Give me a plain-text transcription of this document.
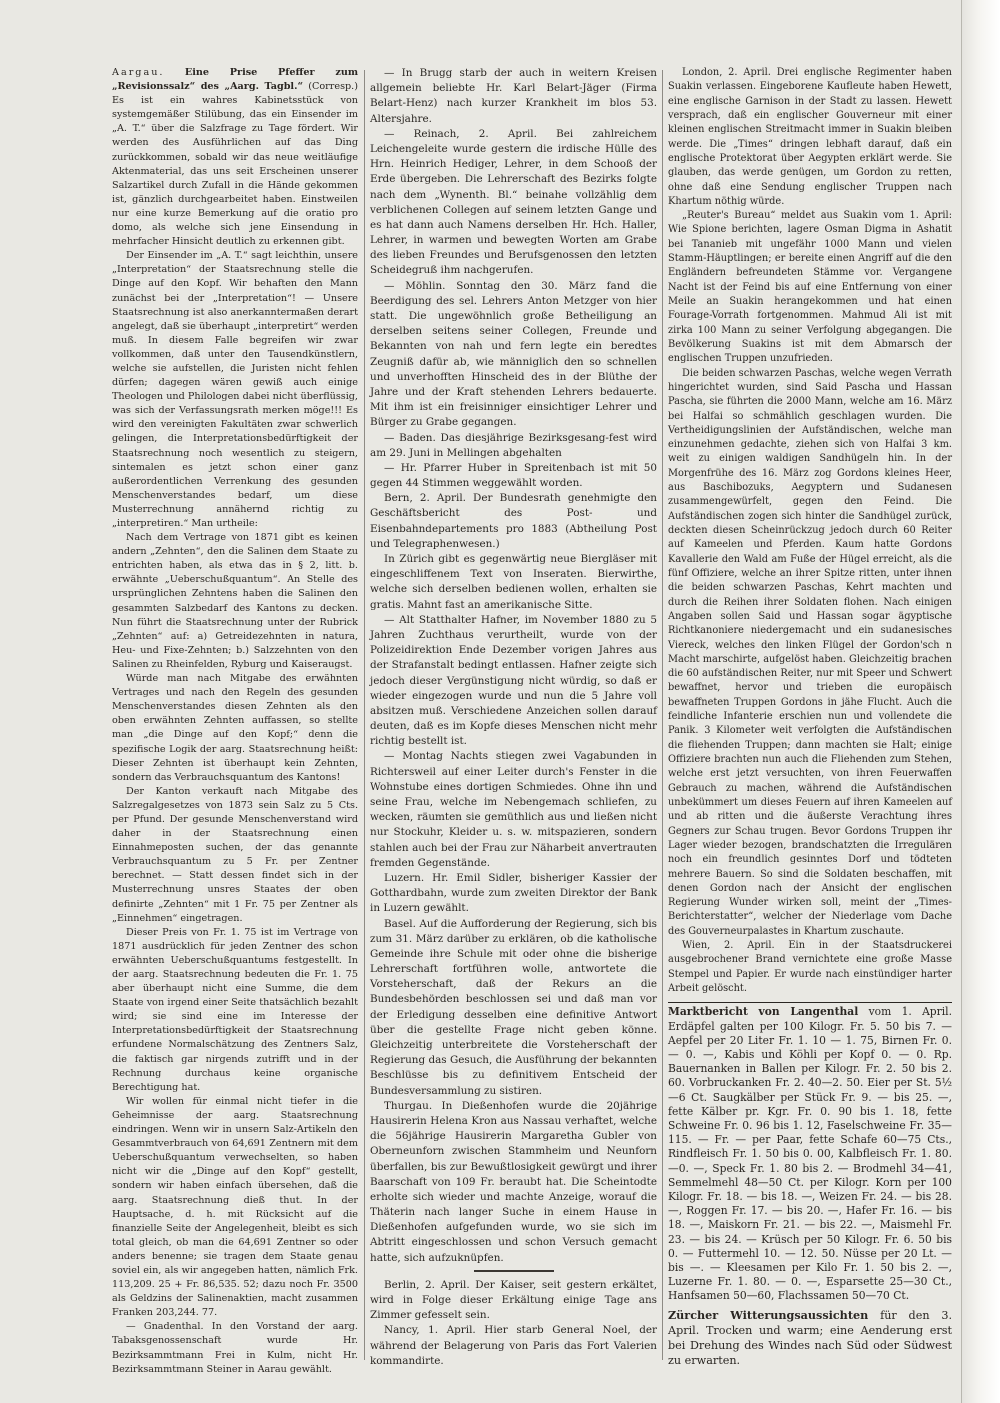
Aargau. Eine Prise Pfeffer zum „Revisionssalz“ des „Aarg. Tagbl.“ (Corresp.) Es ist ein wahres Kabinetsstück von systemgemäßer Stilübung, das ein Einsender im „A. T.“ über die Salzfrage zu Tage fördert. Wir werden des Ausführlichen auf das Ding zurückkommen, sobald wir das neue weitläufige Aktenmaterial, das uns seit Erscheinen unserer Salzartikel durch Zufall in die Hände gekommen ist, gänzlich durchgearbeitet haben. Einstweilen nur eine kurze Bemerkung auf die oratio pro domo, als welche sich jene Einsendung in mehrfacher Hinsicht deutlich zu erkennen gibt.

Der Einsender im „A. T.“ sagt leichthin, unsere „Interpretation“ der Staatsrechnung stelle die Dinge auf den Kopf. Wir behaften den Mann zunächst bei der „Interpretation“! — Unsere Staatsrechnung ist also anerkanntermaßen derart angelegt, daß sie überhaupt „interpretirt“ werden muß. In diesem Falle begreifen wir zwar vollkommen, daß unter den Tausendkünstlern, welche sie aufstellen, die Juristen nicht fehlen dürfen; dagegen wären gewiß auch einige Theologen und Philologen dabei nicht überflüssig, was sich der Verfassungsrath merken möge!!! Es wird den vereinigten Fakultäten zwar schwerlich gelingen, die Interpretationsbedürftigkeit der Staatsrechnung noch wesentlich zu steigern, sintemalen es jetzt schon einer ganz außerordentlichen Verrenkung des gesunden Menschenverstandes bedarf, um diese Musterrechnung annähernd richtig zu „interpretiren.“ Man urtheile:

Nach dem Vertrage von 1871 gibt es keinen andern „Zehnten“, den die Salinen dem Staate zu entrichten haben, als etwa das in § 2, litt. b. erwähnte „Ueberschußquantum“. An Stelle des ursprünglichen Zehntens haben die Salinen den gesammten Salzbedarf des Kantons zu decken. Nun führt die Staatsrechnung unter der Rubrick „Zehnten“ auf: a) Getreidezehnten in natura, Heu- und Fixe-Zehnten; b.) Salzzehnten von den Salinen zu Rheinfelden, Ryburg und Kaiseraugst.

Würde man nach Mitgabe des erwähnten Vertrages und nach den Regeln des gesunden Menschenverstandes diesen Zehnten als den oben erwähnten Zehnten auffassen, so stellte man „die Dinge auf den Kopf;“ denn die spezifische Logik der aarg. Staatsrechnung heißt: Dieser Zehnten ist überhaupt kein Zehnten, sondern das Verbrauchsquantum des Kantons!

Der Kanton verkauft nach Mitgabe des Salzregalgesetzes von 1873 sein Salz zu 5 Cts. per Pfund. Der gesunde Menschenverstand wird daher in der Staatsrechnung einen Einnahmeposten suchen, der das genannte Verbrauchsquantum zu 5 Fr. per Zentner berechnet. — Statt dessen findet sich in der Musterrechnung unsres Staates der oben definirte „Zehnten“ mit 1 Fr. 75 per Zentner als „Einnehmen“ eingetragen.

Dieser Preis von Fr. 1. 75 ist im Vertrage von 1871 ausdrücklich für jeden Zentner des schon erwähnten Ueberschußquantums festgestellt. In der aarg. Staatsrechnung bedeuten die Fr. 1. 75 aber überhaupt nicht eine Summe, die dem Staate von irgend einer Seite thatsächlich bezahlt wird; sie sind eine im Interesse der Interpretationsbedürftigkeit der Staatsrechnung erfundene Normalschätzung des Zentners Salz, die faktisch gar nirgends zutrifft und in der Rechnung durchaus keine organische Berechtigung hat.

Wir wollen für einmal nicht tiefer in die Geheimnisse der aarg. Staatsrechnung eindringen. Wenn wir in unsern Salz-Artikeln den Gesammtverbrauch von 64,691 Zentnern mit dem Ueberschußquantum verwechselten, so haben nicht wir die „Dinge auf den Kopf“ gestellt, sondern wir haben einfach übersehen, daß die aarg. Staatsrechnung dieß thut. In der Hauptsache, d. h. mit Rücksicht auf die finanzielle Seite der Angelegenheit, bleibt es sich total gleich, ob man die 64,691 Zentner so oder anders benenne; sie tragen dem Staate genau soviel ein, als wir angegeben hatten, nämlich Frk. 113,209. 25 + Fr. 86,535. 52; dazu noch Fr. 3500 als Geldzins der Salinenaktien, macht zusammen Franken 203,244. 77.

— Gnadenthal. In den Vorstand der aarg. Tabaksgenossenschaft wurde Hr. Bezirksammtmann Frei in Kulm, nicht Hr. Bezirksammtmann Steiner in Aarau gewählt.

— In Brugg starb der auch in weitern Kreisen allgemein beliebte Hr. Karl Belart-Jäger (Firma Belart-Henz) nach kurzer Krankheit im blos 53. Altersjahre.

— Reinach, 2. April. Bei zahlreichem Leichengeleite wurde gestern die irdische Hülle des Hrn. Heinrich Hediger, Lehrer, in dem Schooß der Erde übergeben. Die Lehrerschaft des Bezirks folgte nach dem „Wynenth. Bl.“ beinahe vollzählig dem verblichenen Collegen auf seinem letzten Gange und es hat dann auch Namens derselben Hr. Hch. Haller, Lehrer, in warmen und bewegten Worten am Grabe des lieben Freundes und Berufsgenossen den letzten Scheidegruß ihm nachgerufen.

— Möhlin. Sonntag den 30. März fand die Beerdigung des sel. Lehrers Anton Metzger von hier statt. Die ungewöhnlich große Betheiligung an derselben seitens seiner Collegen, Freunde und Bekannten von nah und fern legte ein beredtes Zeugniß dafür ab, wie männiglich den so schnellen und unverhofften Hinscheid des in der Blüthe der Jahre und der Kraft stehenden Lehrers bedauerte. Mit ihm ist ein freisinniger einsichtiger Lehrer und Bürger zu Grabe gegangen.

— Baden. Das diesjährige Bezirksgesang-fest wird am 29. Juni in Mellingen abgehalten

— Hr. Pfarrer Huber in Spreitenbach ist mit 50 gegen 44 Stimmen weggewählt worden.

Bern, 2. April. Der Bundesrath genehmigte den Geschäftsbericht des Post- und Eisenbahndepartements pro 1883 (Abtheilung Post und Telegraphenwesen.)

In Zürich gibt es gegenwärtig neue Biergläser mit eingeschliffenem Text von Inseraten. Bierwirthe, welche sich derselben bedienen wollen, erhalten sie gratis. Mahnt fast an amerikanische Sitte.

— Alt Statthalter Hafner, im November 1880 zu 5 Jahren Zuchthaus verurtheilt, wurde von der Polizeidirektion Ende Dezember vorigen Jahres aus der Strafanstalt bedingt entlassen. Hafner zeigte sich jedoch dieser Vergünstigung nicht würdig, so daß er wieder eingezogen wurde und nun die 5 Jahre voll absitzen muß. Verschiedene Anzeichen sollen darauf deuten, daß es im Kopfe dieses Menschen nicht mehr richtig bestellt ist.

— Montag Nachts stiegen zwei Vagabunden in Richtersweil auf einer Leiter durch's Fenster in die Wohnstube eines dortigen Schmiedes. Ohne ihn und seine Frau, welche im Nebengemach schliefen, zu wecken, räumten sie gemüthlich aus und ließen nicht nur Stockuhr, Kleider u. s. w. mitspazieren, sondern stahlen auch bei der Frau zur Näharbeit anvertrauten fremden Gegenstände.

Luzern. Hr. Emil Sidler, bisheriger Kassier der Gotthardbahn, wurde zum zweiten Direktor der Bank in Luzern gewählt.

Basel. Auf die Aufforderung der Regierung, sich bis zum 31. März darüber zu erklären, ob die katholische Gemeinde ihre Schule mit oder ohne die bisherige Lehrerschaft fortführen wolle, antwortete die Vorsteherschaft, daß der Rekurs an die Bundesbehörden beschlossen sei und daß man vor der Erledigung desselben eine definitive Antwort über die gestellte Frage nicht geben könne. Gleichzeitig unterbreitete die Vorsteherschaft der Regierung das Gesuch, die Ausführung der bekannten Beschlüsse bis zu definitivem Entscheid der Bundesversammlung zu sistiren.

Thurgau. In Dießenhofen wurde die 20jährige Hausirerin Helena Kron aus Nassau verhaftet, welche die 56jährige Hausirerin Margaretha Gubler von Oberneunforn zwischen Stammheim und Neunforn überfallen, bis zur Bewußtlosigkeit gewürgt und ihrer Baarschaft von 109 Fr. beraubt hat. Die Scheintodte erholte sich wieder und machte Anzeige, worauf die Thäterin nach langer Suche in einem Hause in Dießenhofen aufgefunden wurde, wo sie sich im Abtritt eingeschlossen und schon Versuch gemacht hatte, sich aufzuknüpfen.

Berlin, 2. April. Der Kaiser, seit gestern erkältet, wird in Folge dieser Erkältung einige Tage ans Zimmer gefesselt sein.

Nancy, 1. April. Hier starb General Noel, der während der Belagerung von Paris das Fort Valerien kommandirte.

London, 2. April. Drei englische Regimenter haben Suakin verlassen. Eingeborene Kaufleute haben Hewett, eine englische Garnison in der Stadt zu lassen. Hewett versprach, daß ein englischer Gouverneur mit einer kleinen englischen Streitmacht immer in Suakin bleiben werde. Die „Times“ dringen lebhaft darauf, daß ein englische Protektorat über Aegypten erklärt werde. Sie glauben, das werde genügen, um Gordon zu retten, ohne daß eine Sendung englischer Truppen nach Khartum nöthig würde.

„Reuter's Bureau“ meldet aus Suakin vom 1. April: Wie Spione berichten, lagere Osman Digma in Ashatit bei Tananieb mit ungefähr 1000 Mann und vielen Stamm-Häuptlingen; er bereite einen Angriff auf die den Engländern befreundeten Stämme vor. Vergangene Nacht ist der Feind bis auf eine Entfernung von einer Meile an Suakin herangekommen und hat einen Fourage-Vorrath fortgenommen. Mahmud Ali ist mit zirka 100 Mann zu seiner Verfolgung abgegangen. Die Bevölkerung Suakins ist mit dem Abmarsch der englischen Truppen unzufrieden.

Die beiden schwarzen Paschas, welche wegen Verrath hingerichtet wurden, sind Said Pascha und Hassan Pascha, sie führten die 2000 Mann, welche am 16. März bei Halfai so schmählich geschlagen wurden. Die Vertheidigungslinien der Aufständischen, welche man einzunehmen gedachte, ziehen sich von Halfai 3 km. weit zu einigen waldigen Sandhügeln hin. In der Morgenfrühe des 16. März zog Gordons kleines Heer, aus Baschibozuks, Aegyptern und Sudanesen zusammengewürfelt, gegen den Feind. Die Aufständischen zogen sich hinter die Sandhügel zurück, deckten diesen Scheinrückzug jedoch durch 60 Reiter auf Kameelen und Pferden. Kaum hatte Gordons Kavallerie den Wald am Fuße der Hügel erreicht, als die fünf Offiziere, welche an ihrer Spitze ritten, unter ihnen die beiden schwarzen Paschas, Kehrt machten und durch die Reihen ihrer Soldaten flohen. Nach einigen Angaben sollen Said und Hassan sogar ägyptische Richtkanoniere niedergemacht und ein sudanesisches Viereck, welches den linken Flügel der Gordon'sch n Macht marschirte, aufgelöst haben. Gleichzeitig brachen die 60 aufständischen Reiter, nur mit Speer und Schwert bewaffnet, hervor und trieben die europäisch bewaffneten Truppen Gordons in jähe Flucht. Auch die feindliche Infanterie erschien nun und vollendete die Panik. 3 Kilometer weit verfolgten die Aufständischen die fliehenden Truppen; dann machten sie Halt; einige Offiziere brachten nun auch die Fliehenden zum Stehen, welche erst jetzt versuchten, von ihren Feuerwaffen Gebrauch zu machen, während die Aufständischen unbekümmert um dieses Feuern auf ihren Kameelen auf und ab ritten und die äußerste Verachtung ihres Gegners zur Schau trugen. Bevor Gordons Truppen ihr Lager wieder bezogen, brandschatzten die Irregulären noch ein freundlich gesinntes Dorf und tödteten mehrere Bauern. So sind die Soldaten beschaffen, mit denen Gordon nach der Ansicht der englischen Regierung Wunder wirken soll, meint der „Times-Berichterstatter“, welcher der Niederlage vom Dache des Gouverneurpalastes in Khartum zuschaute.

Wien, 2. April. Ein in der Staatsdruckerei ausgebrochener Brand vernichtete eine große Masse Stempel und Papier. Er wurde nach einstündiger harter Arbeit gelöscht.

Marktbericht von Langenthal vom 1. April. Erdäpfel galten per 100 Kilogr. Fr. 5. 50 bis 7. — Aepfel per 20 Liter Fr. 1. 10 — 1. 75, Birnen Fr. 0. — 0. —, Kabis und Köhli per Kopf 0. — 0. Rp. Bauernanken in Ballen per Kilogr. Fr. 2. 50 bis 2. 60. Vorbruckanken Fr. 2. 40—2. 50. Eier per St. 5½—6 Ct. Saugkälber per Stück Fr. 9. — bis 25. —, fette Kälber pr. Kgr. Fr. 0. 90 bis 1. 18, fette Schweine Fr. 0. 96 bis 1. 12, Faselschweine Fr. 35—115. — Fr. — per Paar, fette Schafe 60—75 Cts., Rindfleisch Fr. 1. 50 bis 0. 00, Kalbfleisch Fr. 1. 80. —0. —, Speck Fr. 1. 80 bis 2. — Brodmehl 34—41, Semmelmehl 48—50 Ct. per Kilogr. Korn per 100 Kilogr. Fr. 18. — bis 18. —, Weizen Fr. 24. — bis 28. —, Roggen Fr. 17. — bis 20. —, Hafer Fr. 16. — bis 18. —, Maiskorn Fr. 21. — bis 22. —, Maismehl Fr. 23. — bis 24. — Krüsch per 50 Kilogr. Fr. 6. 50 bis 0. — Futtermehl 10. — 12. 50. Nüsse per 20 Lt. — bis —. — Kleesamen per Kilo Fr. 1. 50 bis 2. —, Luzerne Fr. 1. 80. — 0. —, Esparsette 25—30 Ct., Hanfsamen 50—60, Flachssamen 50—70 Ct.
Zürcher Witterungsaussichten für den 3. April. Trocken und warm; eine Aenderung erst bei Drehung des Windes nach Süd oder Südwest zu erwarten.
